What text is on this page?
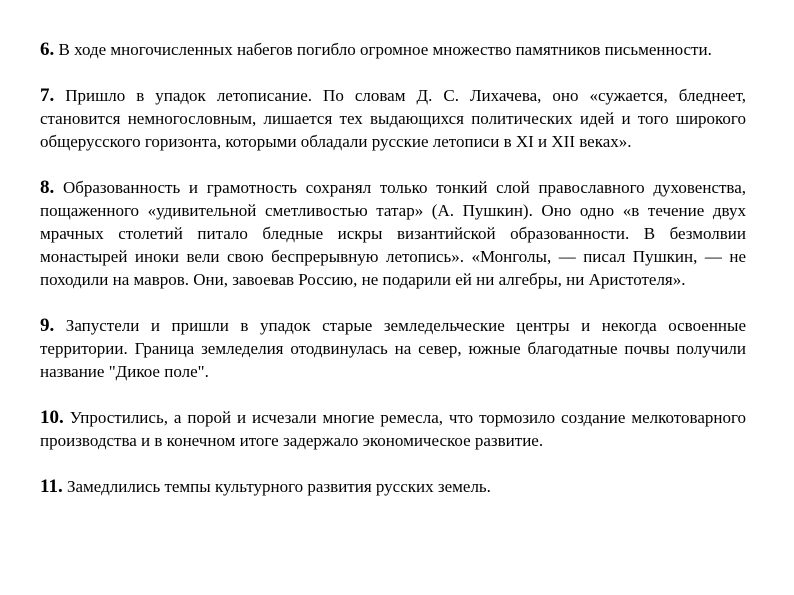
6. В ходе многочисленных набегов погибло огромное множество памятников письменности.

7. Пришло в упадок летописание. По словам Д. С. Лихачева, оно «сужается, бледнеет, становится немногословным, лишается тех выдающихся политических идей и того широкого общерусского горизонта, которыми обладали русские летописи в XI и XII веках».

8. Образованность и грамотность сохранял только тонкий слой православного духовенства, пощаженного «удивительной сметливостью татар» (А. Пушкин). Оно одно «в течение двух мрачных столетий питало бледные искры византийской образованности. В безмолвии монастырей иноки вели свою беспрерывную летопись». «Монголы, — писал Пушкин, — не походили на мавров. Они, завоевав Россию, не подарили ей ни алгебры, ни Аристотеля».

9. Запустели и пришли в упадок старые земледельческие центры и некогда освоенные территории. Граница земледелия отодвинулась на север, южные благодатные почвы получили название "Дикое поле".

10. Упростились, а порой и исчезали многие ремесла, что тормозило создание мелкотоварного производства и в конечном итоге задержало экономическое развитие.

11. Замедлились темпы культурного развития русских земель.
